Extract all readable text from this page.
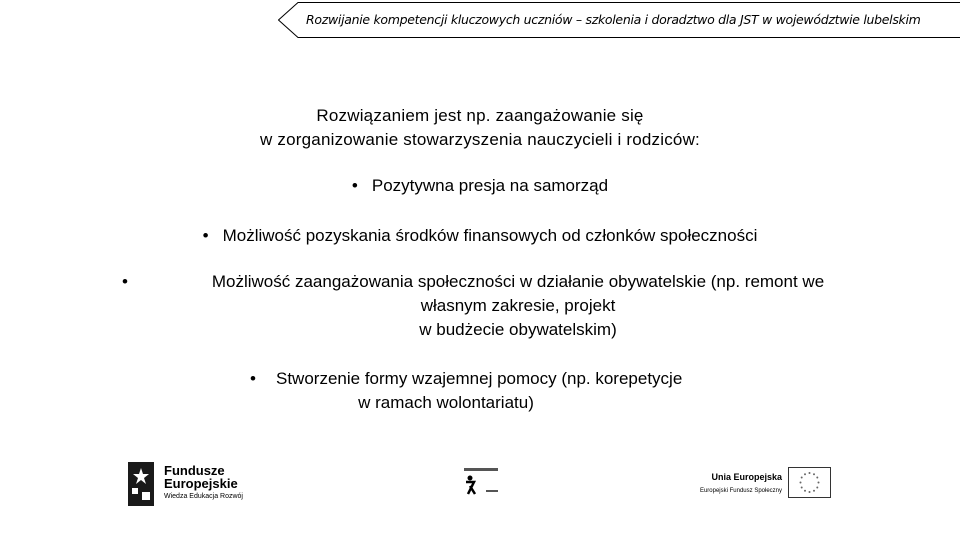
Rozwijanie kompetencji kluczowych uczniów – szkolenia i doradztwo dla JST w województwie lubelskim
Rozwiązaniem jest np. zaangażowanie się
w zorganizowanie stowarzyszenia nauczycieli i rodziców:
• Pozytywna presja na samorząd
• Możliwość pozyskania środków finansowych od członków społeczności
•	Możliwość zaangażowania społeczności w działanie obywatelskie (np. remont we
własnym zakresie, projekt
w budżecie obywatelskim)
• Stworzenie formy wzajemnej pomocy (np. korepetycje
w ramach wolontariatu)
Fundusze
Europejskie
Wiedza Edukacja Rozwój
Unia Europejska
Europejski Fundusz Społeczny
